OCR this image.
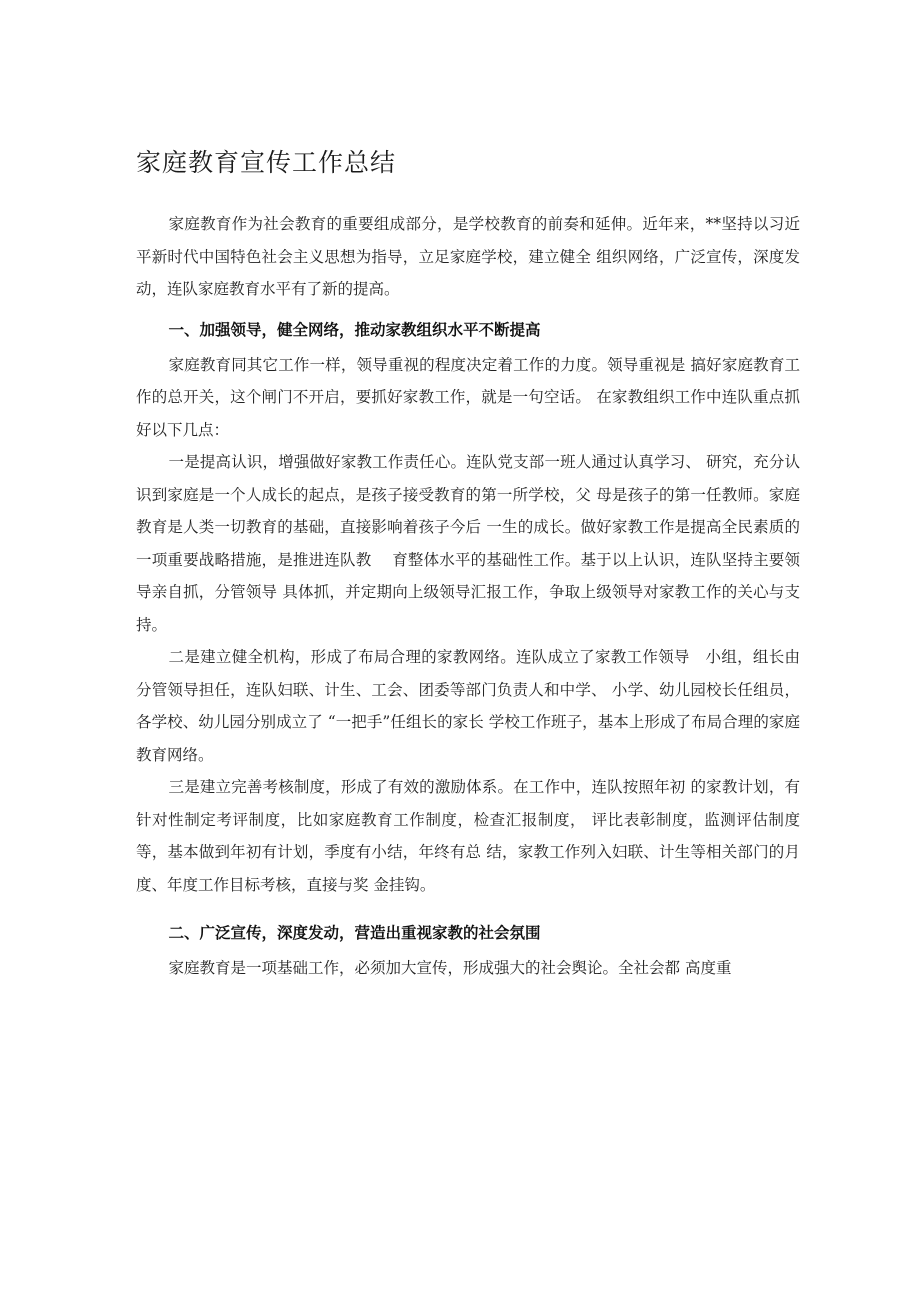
家庭教育宣传工作总结

家庭教育作为社会教育的重要组成部分，是学校教育的前奏和延伸。近年来，**坚持以习近平新时代中国特色社会主义思想为指导，立足家庭学校，建立健全 组织网络，广泛宣传，深度发动，连队家庭教育水平有了新的提高。

一、加强领导，健全网络，推动家教组织水平不断提高

家庭教育同其它工作一样，领导重视的程度决定着工作的力度。领导重视是 搞好家庭教育工作的总开关，这个闸门不开启，要抓好家教工作，就是一句空话。 在家教组织工作中连队重点抓好以下几点：

一是提高认识，增强做好家教工作责任心。连队党支部一班人通过认真学习、 研究，充分认识到家庭是一个人成长的起点，是孩子接受教育的第一所学校，父 母是孩子的第一任教师。家庭教育是人类一切教育的基础，直接影响着孩子今后 一生的成长。做好家教工作是提高全民素质的一项重要战略措施，是推进连队教　 育整体水平的基础性工作。基于以上认识，连队坚持主要领导亲自抓，分管领导 具体抓，并定期向上级领导汇报工作，争取上级领导对家教工作的关心与支持。

二是建立健全机构，形成了布局合理的家教网络。连队成立了家教工作领导　小组，组长由分管领导担任，连队妇联、计生、工会、团委等部门负责人和中学、 小学、幼儿园校长任组员，各学校、幼儿园分别成立了 “一把手”任组长的家长 学校工作班子，基本上形成了布局合理的家庭教育网络。

三是建立完善考核制度，形成了有效的激励体系。在工作中，连队按照年初 的家教计划，有针对性制定考评制度，比如家庭教育工作制度，检查汇报制度， 评比表彰制度，监测评估制度等，基本做到年初有计划，季度有小结，年终有总 结，家教工作列入妇联、计生等相关部门的月度、年度工作目标考核，直接与奖 金挂钩。

二、广泛宣传，深度发动，营造出重视家教的社会氛围

家庭教育是一项基础工作，必须加大宣传，形成强大的社会舆论。全社会都 高度重
